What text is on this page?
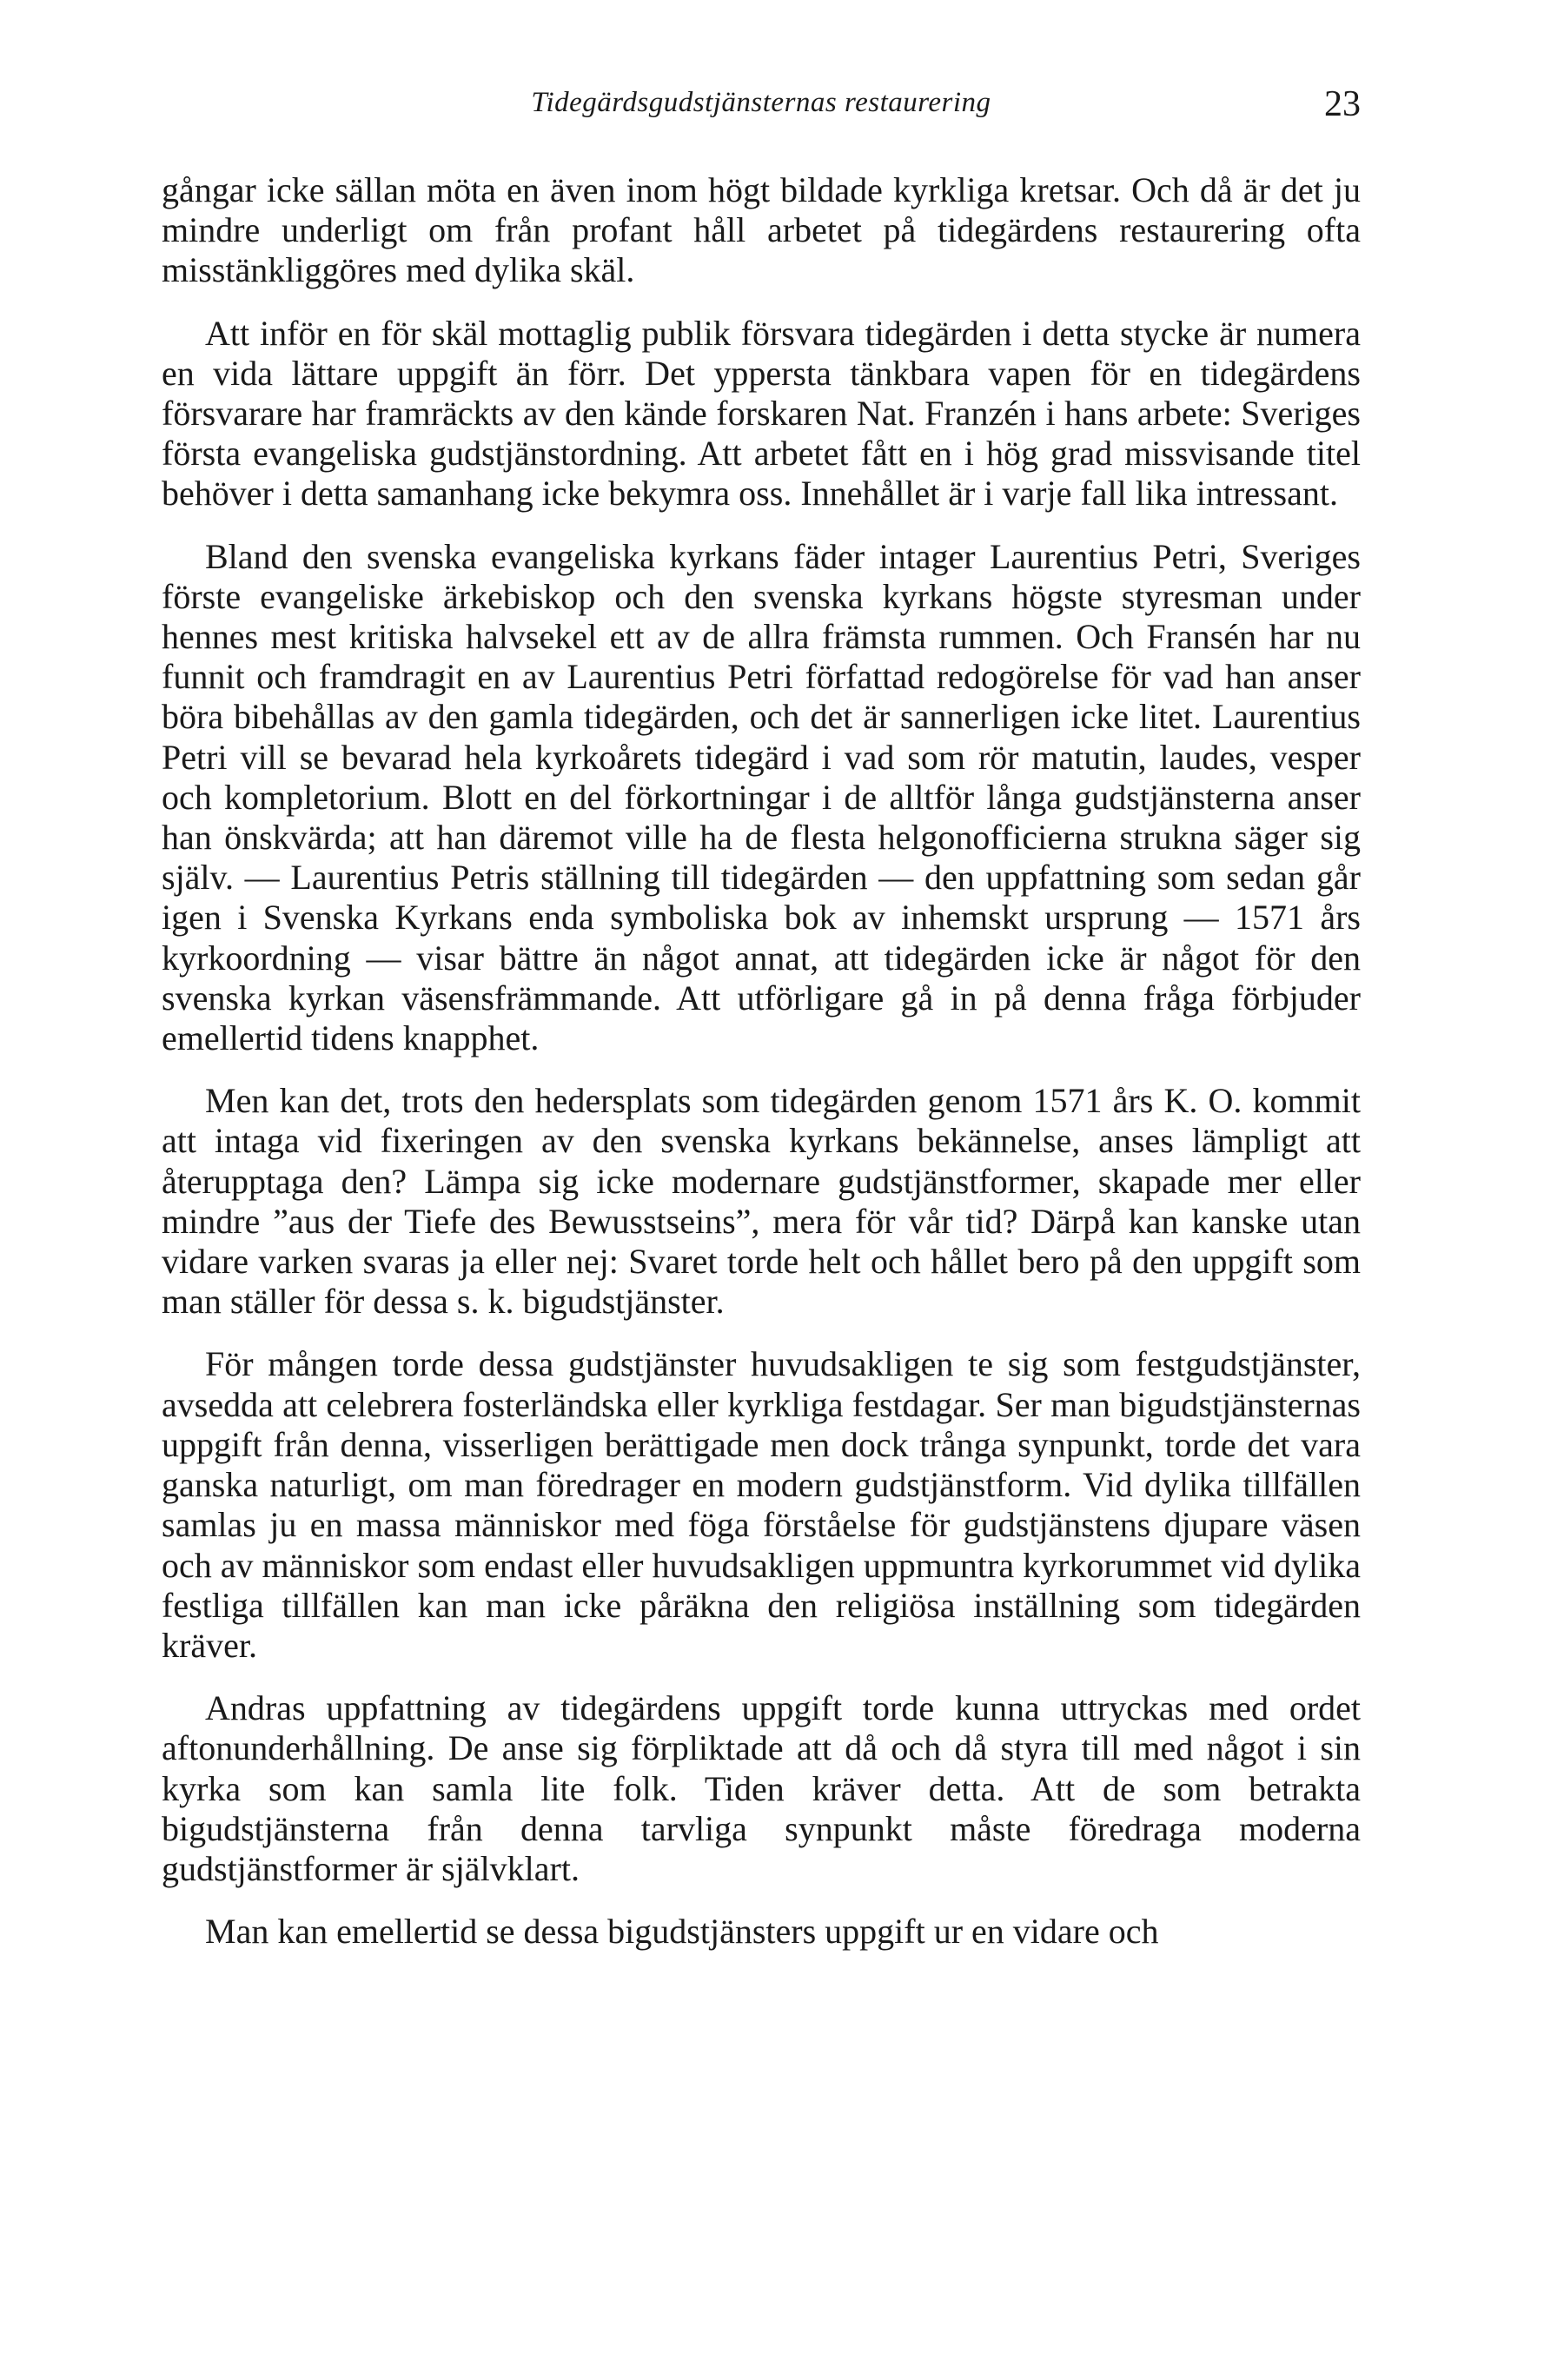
Tidegärdsgudstjänsternas restaurering	23

gångar icke sällan möta en även inom högt bildade kyrkliga kretsar. Och då är det ju mindre underligt om från profant håll arbetet på tidegärdens restaurering ofta misstänkliggöres med dylika skäl.

Att inför en för skäl mottaglig publik försvara tidegärden i detta stycke är numera en vida lättare uppgift än förr. Det yppersta tänkbara vapen för en tidegärdens försvarare har framräckts av den kände forskaren Nat. Franzén i hans arbete: Sveriges första evangeliska gudstjänstordning. Att arbetet fått en i hög grad missvisande titel behöver i detta samanhang icke bekymra oss. Innehållet är i varje fall lika intressant.

Bland den svenska evangeliska kyrkans fäder intager Laurentius Petri, Sveriges förste evangeliske ärkebiskop och den svenska kyrkans högste styresman under hennes mest kritiska halvsekel ett av de allra främsta rummen. Och Fransén har nu funnit och framdragit en av Laurentius Petri författad redogörelse för vad han anser böra bibehållas av den gamla tidegärden, och det är sannerligen icke litet. Laurentius Petri vill se bevarad hela kyrkoårets tidegärd i vad som rör matutin, laudes, vesper och kompletorium. Blott en del förkortningar i de alltför långa gudstjänsterna anser han önskvärda; att han däremot ville ha de flesta helgonofficierna strukna säger sig själv. — Laurentius Petris ställning till tidegärden — den uppfattning som sedan går igen i Svenska Kyrkans enda symboliska bok av inhemskt ursprung — 1571 års kyrkoordning — visar bättre än något annat, att tidegärden icke är något för den svenska kyrkan väsensfrämmande. Att utförligare gå in på denna fråga förbjuder emellertid tidens knapphet.

Men kan det, trots den hedersplats som tidegärden genom 1571 års K. O. kommit att intaga vid fixeringen av den svenska kyrkans bekännelse, anses lämpligt att återupptaga den? Lämpa sig icke modernare gudstjänstformer, skapade mer eller mindre ”aus der Tiefe des Bewusstseins”, mera för vår tid? Därpå kan kanske utan vidare varken svaras ja eller nej: Svaret torde helt och hållet bero på den uppgift som man ställer för dessa s. k. bigudstjänster.

För mången torde dessa gudstjänster huvudsakligen te sig som festgudstjänster, avsedda att celebrera fosterländska eller kyrkliga festdagar. Ser man bigudstjänsternas uppgift från denna, visserligen berättigade men dock trånga synpunkt, torde det vara ganska naturligt, om man föredrager en modern gudstjänstform. Vid dylika tillfällen samlas ju en massa människor med föga förståelse för gudstjänstens djupare väsen och av människor som endast eller huvudsakligen uppmuntra kyrkorummet vid dylika festliga tillfällen kan man icke påräkna den religiösa inställning som tidegärden kräver.

Andras uppfattning av tidegärdens uppgift torde kunna uttryckas med ordet aftonunderhållning. De anse sig förpliktade att då och då styra till med något i sin kyrka som kan samla lite folk. Tiden kräver detta. Att de som betrakta bigudstjänsterna från denna tarvliga synpunkt måste föredraga moderna gudstjänstformer är självklart.

Man kan emellertid se dessa bigudstjänsters uppgift ur en vidare och
